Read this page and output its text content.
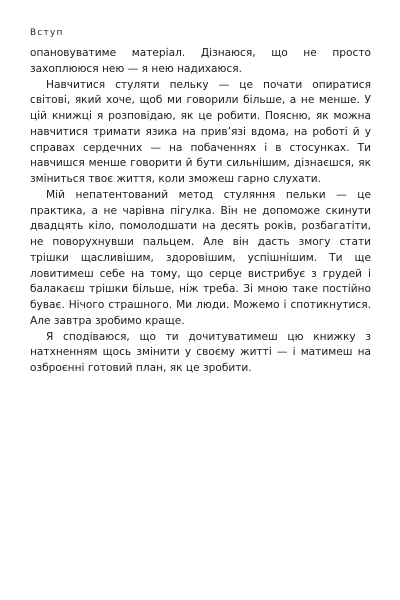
Вступ

опановуватиме матеріал. Дізнаюся, що не просто захоплююся нею — я нею надихаюся.

Навчитися стуляти пельку — це почати опиратися світові, який хоче, щоб ми говорили більше, а не менше. У цій книжці я розповідаю, як це робити. Поясню, як можна навчитися тримати язика на прив’язі вдома, на роботі й у справах сердечних — на побаченнях і в стосунках. Ти навчишся менше говорити й бути сильнішим, дізнаєшся, як зміниться твоє життя, коли зможеш гарно слухати.

Мій непатентований метод стуляння пельки — це практика, а не чарівна пігулка. Він не допоможе скинути двадцять кіло, помолодшати на десять років, розбагатіти, не поворухнувши пальцем. Але він дасть змогу стати трішки щасливішим, здоровішим, успішнішим. Ти ще ловитимеш себе на тому, що серце вистрибує з грудей і балакаєш трішки більше, ніж треба. Зі мною таке постійно буває. Нічого страшного. Ми люди. Можемо і спотикнутися. Але завтра зробимо краще.

Я сподіваюся, що ти дочитуватимеш цю книжку з натхненням щось змінити у своєму житті — і матимеш на озброєнні готовий план, як це зробити.
